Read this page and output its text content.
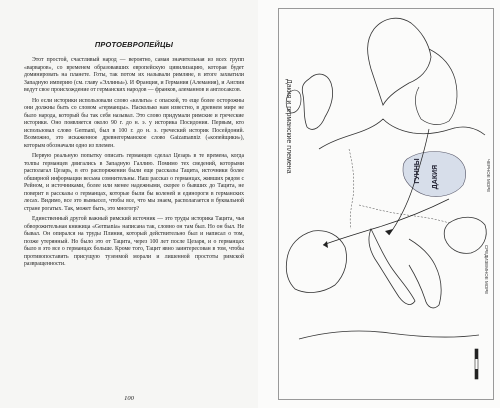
ПРОТОЕВРОПЕЙЦЫ

Этот простой, счастливый народ — вероятно, самая значительная из всех групп «варваров», со временем образовавших европейскую цивилизацию, которая будет доминировать на планете. Готы, так потом их называли римляне, в итоге захватили Западную империю (см. главу «Эллины»). И Франция, и Германия (Алемания), и Англия ведут свое происхождение от германских народов — франков, алеманнов и англосаксов.

Но если историки использовали слово «кельты» с опаской, то еще более осторожны они должны быть со словом «германцы». Насколько нам известно, в древнем мире не было народа, который бы так себя называл. Это слово придумали римские и греческие историки. Оно появляется около 90 г. до н. э. у историка Посидония. Первым, кто использовал слово Germani, был в 100 г. до н. э. греческий историк Посейдоний. Возможно, это искаженное древнегерманское слово Gaizamanniz («копейщики»), которым обозначали одно из племен.

Первую реальную попытку описать германцев сделал Цезарь в те времена, когда толпы германцев двигались в Западную Галлию. Помимо тех сведений, которыми располагал Цезарь, в его распоряжении были еще рассказы Тацита, источники более обширной информации весьма сомнительны. Наш рассказ о германцах, живших рядом с Рейном, и источниками, более или менее надежными, скорее о бывших до Тацита, не поверит в рассказы о германцах, которые были бы коленей и единороги в германских лесах. Видимо, все это вымысел, чтобы все, что мы знаем, располагается в буквальной стране рогатых. Так, может быть, это многогр?

Единственный другой важный римский источник — это труды историка Тацита, чья обворожительная книжица «Germania» написана так, словно он там был. Но он был. Не бывал. Он опирался на труды Плиния, который действительно был и написал о том, позже утерянный. Но было это от Тацита, через 100 лет после Цезаря, и о германцах было в это все о германцах больше. Кроме того, Тацит явно заинтересован в том, чтобы противопоставить присущую тузенмой морали и лишенной простоты римской развращенности.

100
Дакия и германские племена	ГУННЫ ДАКИЯ	ЧЕРНОЕ МОРЕ
СРЕДИЗЕМНОЕ МОРЕ
